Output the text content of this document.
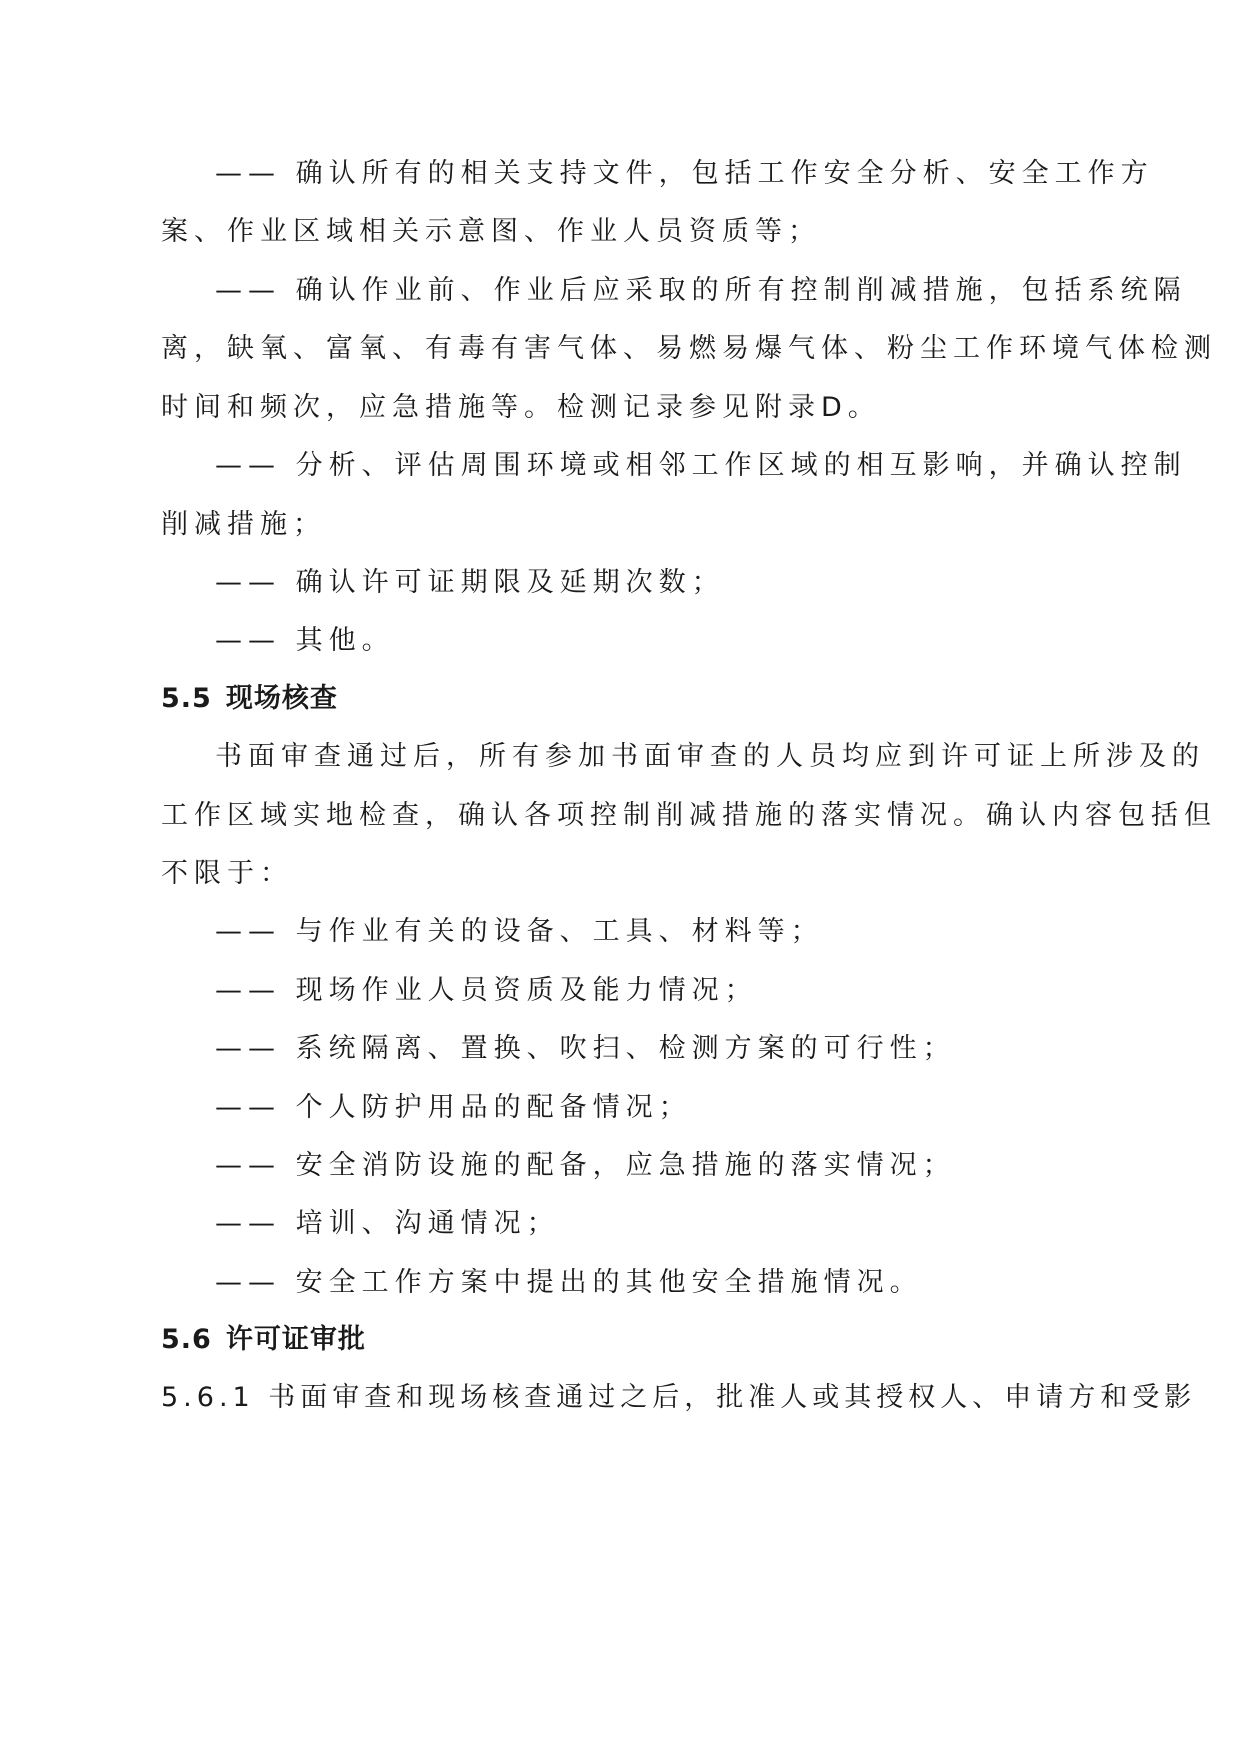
—— 确认所有的相关支持文件，包括工作安全分析、安全工作方
案、作业区域相关示意图、作业人员资质等；
—— 确认作业前、作业后应采取的所有控制削减措施，包括系统隔
离，缺氧、富氧、有毒有害气体、易燃易爆气体、粉尘工作环境气体检测
时间和频次，应急措施等。检测记录参见附录D。
—— 分析、评估周围环境或相邻工作区域的相互影响，并确认控制
削减措施；
—— 确认许可证期限及延期次数；
—— 其他。
5.5 现场核查
书面审查通过后，所有参加书面审查的人员均应到许可证上所涉及的
工作区域实地检查，确认各项控制削减措施的落实情况。确认内容包括但
不限于：
—— 与作业有关的设备、工具、材料等；
—— 现场作业人员资质及能力情况；
—— 系统隔离、置换、吹扫、检测方案的可行性；
—— 个人防护用品的配备情况；
—— 安全消防设施的配备，应急措施的落实情况；
—— 培训、沟通情况；
—— 安全工作方案中提出的其他安全措施情况。
5.6 许可证审批
5.6.1 书面审查和现场核查通过之后，批准人或其授权人、申请方和受影
